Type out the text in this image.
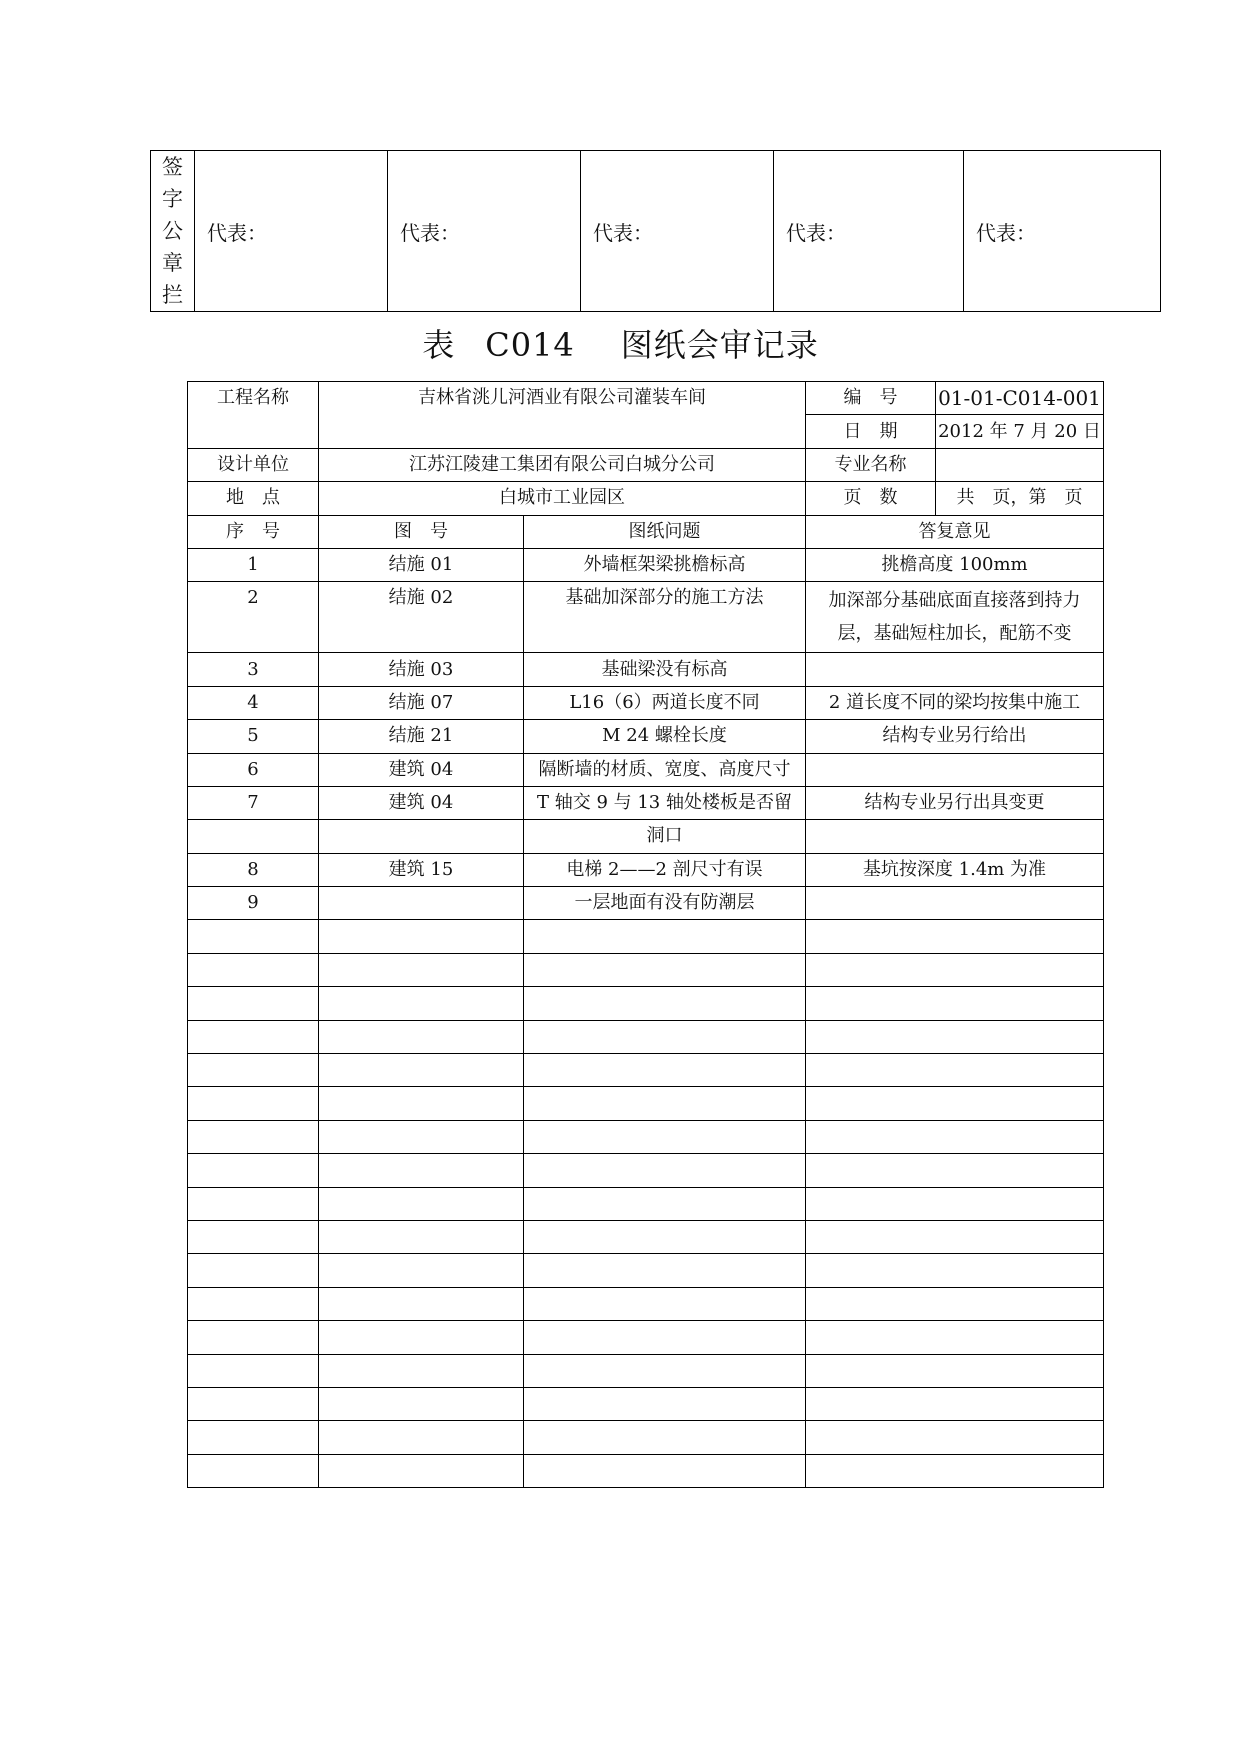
签
字
公
章
拦
	代表：	代表：	代表：	代表：	代表：
表 C014 图纸会审记录
工程名称	吉林省洮儿河酒业有限公司灌装车间		编　号	01-01-C014-001
			日　期	2012 年 7 月 20 日
设计单位	江苏江陵建工集团有限公司白城分公司		专业名称	
地　点	白城市工业园区		页　数	共　页，第　页
序　号	图　号	图纸问题	答复意见	
1	结施 01	外墙框架梁挑檐标高	挑檐高度 100mm	
2	结施 02	基础加深部分的施工方法	加深部分基础底面直接落到持力
层，基础短柱加长，配筋不变	

3	结施 03	基础梁没有标高		
4	结施 07	L16（6）两道长度不同	2 道长度不同的梁均按集中施工	
5	结施 21	M 24 螺栓长度	结构专业另行给出	
6	建筑 04	隔断墙的材质、宽度、高度尺寸		
7	建筑 04	T 轴交 9 与 13 轴处楼板是否留	结构专业另行出具变更	
		洞口		
8	建筑 15	电梯 2——2 剖尺寸有误	基坑按深度 1.4m 为准	
9		一层地面有没有防潮层		
